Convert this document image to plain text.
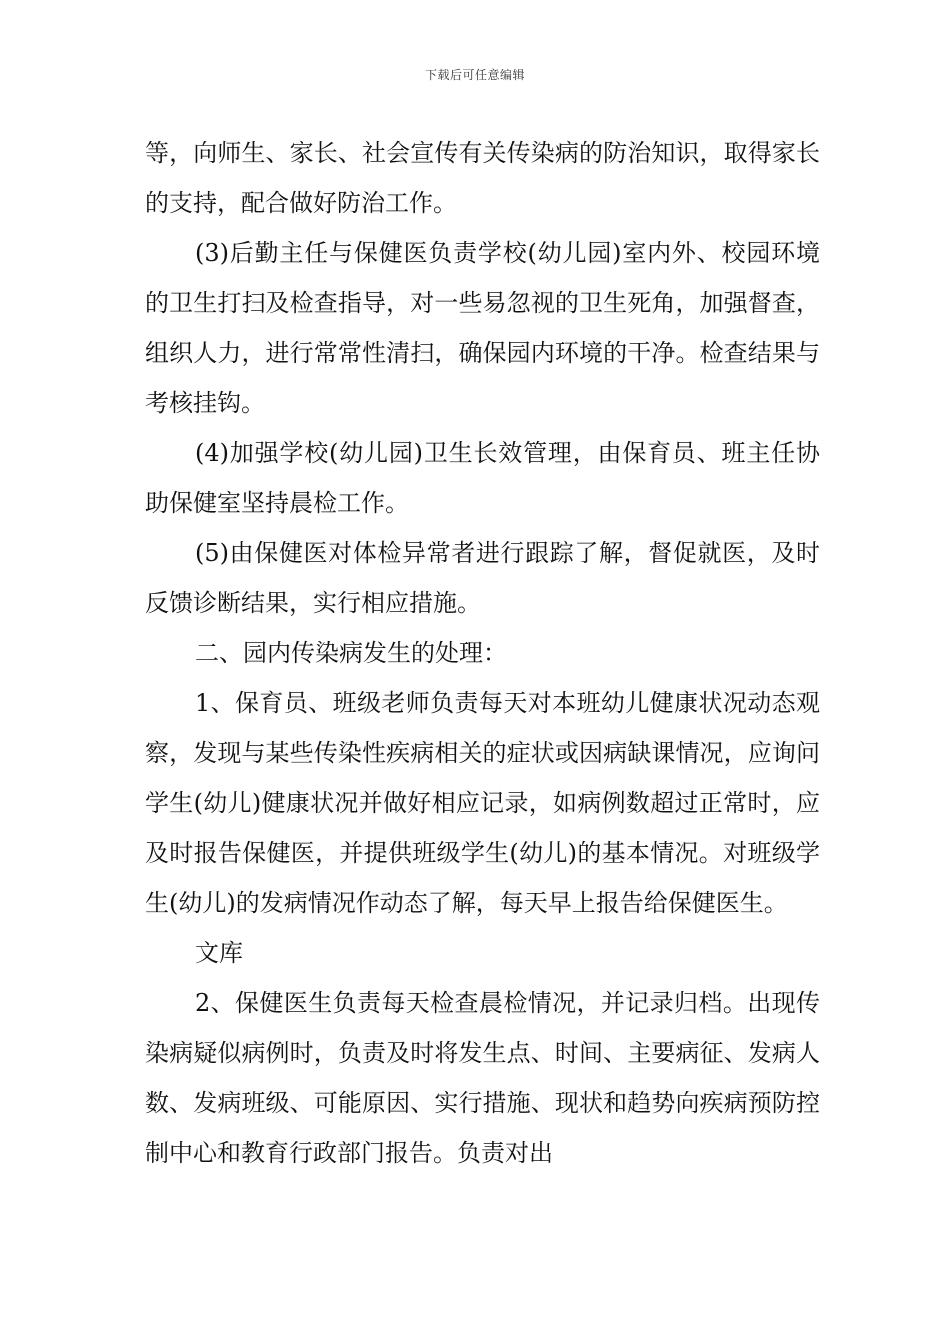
下载后可任意编辑

等，向师生、家长、社会宣传有关传染病的防治知识，取得家长的支持，配合做好防治工作。

(3)后勤主任与保健医负责学校(幼儿园)室内外、校园环境的卫生打扫及检查指导，对一些易忽视的卫生死角，加强督查，组织人力，进行常常性清扫，确保园内环境的干净。检查结果与考核挂钩。

(4)加强学校(幼儿园)卫生长效管理，由保育员、班主任协助保健室坚持晨检工作。

(5)由保健医对体检异常者进行跟踪了解，督促就医，及时反馈诊断结果，实行相应措施。

二、园内传染病发生的处理：

1、保育员、班级老师负责每天对本班幼儿健康状况动态观察，发现与某些传染性疾病相关的症状或因病缺课情况，应询问学生(幼儿)健康状况并做好相应记录，如病例数超过正常时，应及时报告保健医，并提供班级学生(幼儿)的基本情况。对班级学生(幼儿)的发病情况作动态了解，每天早上报告给保健医生。

文库

2、保健医生负责每天检查晨检情况，并记录归档。出现传染病疑似病例时，负责及时将发生点、时间、主要病征、发病人数、发病班级、可能原因、实行措施、现状和趋势向疾病预防控制中心和教育行政部门报告。负责对出
